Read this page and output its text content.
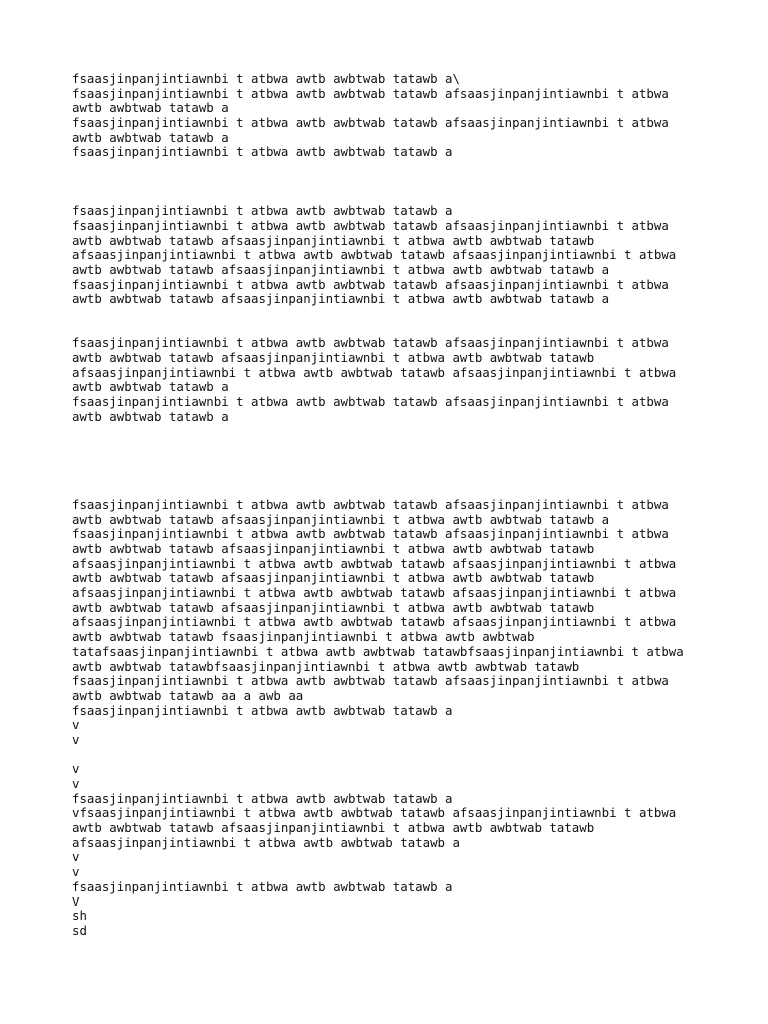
fsaasjinpanjintiawnbi t atbwa awtb awbtwab tatawb a\
fsaasjinpanjintiawnbi t atbwa awtb awbtwab tatawb afsaasjinpanjintiawnbi t atbwa
awtb awbtwab tatawb a
fsaasjinpanjintiawnbi t atbwa awtb awbtwab tatawb afsaasjinpanjintiawnbi t atbwa
awtb awbtwab tatawb a
fsaasjinpanjintiawnbi t atbwa awtb awbtwab tatawb a
fsaasjinpanjintiawnbi t atbwa awtb awbtwab tatawb a
fsaasjinpanjintiawnbi t atbwa awtb awbtwab tatawb afsaasjinpanjintiawnbi t atbwa
awtb awbtwab tatawb afsaasjinpanjintiawnbi t atbwa awtb awbtwab tatawb
afsaasjinpanjintiawnbi t atbwa awtb awbtwab tatawb afsaasjinpanjintiawnbi t atbwa
awtb awbtwab tatawb afsaasjinpanjintiawnbi t atbwa awtb awbtwab tatawb a
fsaasjinpanjintiawnbi t atbwa awtb awbtwab tatawb afsaasjinpanjintiawnbi t atbwa
awtb awbtwab tatawb afsaasjinpanjintiawnbi t atbwa awtb awbtwab tatawb a
fsaasjinpanjintiawnbi t atbwa awtb awbtwab tatawb afsaasjinpanjintiawnbi t atbwa
awtb awbtwab tatawb afsaasjinpanjintiawnbi t atbwa awtb awbtwab tatawb
afsaasjinpanjintiawnbi t atbwa awtb awbtwab tatawb afsaasjinpanjintiawnbi t atbwa
awtb awbtwab tatawb a
fsaasjinpanjintiawnbi t atbwa awtb awbtwab tatawb afsaasjinpanjintiawnbi t atbwa
awtb awbtwab tatawb a
fsaasjinpanjintiawnbi t atbwa awtb awbtwab tatawb afsaasjinpanjintiawnbi t atbwa
awtb awbtwab tatawb afsaasjinpanjintiawnbi t atbwa awtb awbtwab tatawb a
fsaasjinpanjintiawnbi t atbwa awtb awbtwab tatawb afsaasjinpanjintiawnbi t atbwa
awtb awbtwab tatawb afsaasjinpanjintiawnbi t atbwa awtb awbtwab tatawb
afsaasjinpanjintiawnbi t atbwa awtb awbtwab tatawb afsaasjinpanjintiawnbi t atbwa
awtb awbtwab tatawb afsaasjinpanjintiawnbi t atbwa awtb awbtwab tatawb
afsaasjinpanjintiawnbi t atbwa awtb awbtwab tatawb afsaasjinpanjintiawnbi t atbwa
awtb awbtwab tatawb afsaasjinpanjintiawnbi t atbwa awtb awbtwab tatawb
afsaasjinpanjintiawnbi t atbwa awtb awbtwab tatawb afsaasjinpanjintiawnbi t atbwa
awtb awbtwab tatawb fsaasjinpanjintiawnbi t atbwa awtb awbtwab
tatafsaasjinpanjintiawnbi t atbwa awtb awbtwab tatawbfsaasjinpanjintiawnbi t atbwa
awtb awbtwab tatawbfsaasjinpanjintiawnbi t atbwa awtb awbtwab tatawb
fsaasjinpanjintiawnbi t atbwa awtb awbtwab tatawb afsaasjinpanjintiawnbi t atbwa
awtb awbtwab tatawb aa a awb aa
fsaasjinpanjintiawnbi t atbwa awtb awbtwab tatawb a
v
v
v
v
fsaasjinpanjintiawnbi t atbwa awtb awbtwab tatawb a
vfsaasjinpanjintiawnbi t atbwa awtb awbtwab tatawb afsaasjinpanjintiawnbi t atbwa
awtb awbtwab tatawb afsaasjinpanjintiawnbi t atbwa awtb awbtwab tatawb
afsaasjinpanjintiawnbi t atbwa awtb awbtwab tatawb a
v
v
fsaasjinpanjintiawnbi t atbwa awtb awbtwab tatawb a
V
sh
sd
